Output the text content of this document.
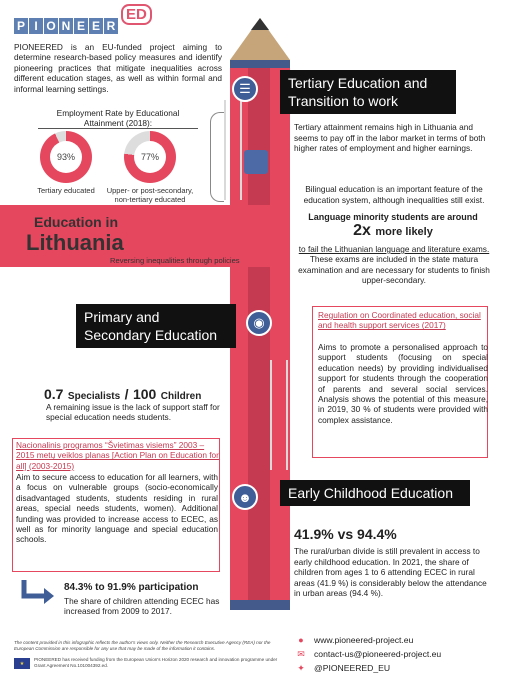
P I O N E E R
ED

PIONEERED is an EU-funded project aiming to determine research-based policy measures and identify pioneering practices that mitigate inequalities across different education stages, as well as within formal and informal learning settings.

Employment Rate by Educational Attainment (2018):
93%
Tertiary educated
77%
Upper- or post-secondary, non-tertiary educated
☰	Tertiary Education and Transition to work

Tertiary attainment remains high in Lithuania and seems to pay off in the labor market in terms of both higher rates of employment and higher earnings.

Bilingual education is an important feature of the education system, although inequalities still exist.

Language minority students are around
2x more likely

to fail the Lithuanian language and literature exams. These exams are included in the state matura examination and are necessary for students to finish upper-secondary.

Education in
Lithuania
Reversing inequalities through policies
Primary and Secondary Education
◉
0.7 Specialists / 100 Children

A remaining issue is the lack of support staff for special education needs students.

Regulation on Coordinated education, social and health support services (2017)

Aims to promote a personalised approach to support students (focusing on special education needs) by providing individualised support for students through the cooperation of parents and several social services. Analysis shows the potential of this measure, in 2019, 30 % of students were provided with complex assistance.

Nacionalinis programos “Švietimas visiems” 2003 – 2015 metų veiklos planas [Action Plan on Education for all] (2003-2015)

Aim to secure access to education for all learners, with a focus on vulnerable groups (socio-economically disadvantaged students, students residing in rural areas, special needs students, women). Additional funding was provided to increase access to ECEC, as well as for minority language and special education schools.

☻	Early Childhood Education
41.9% vs 94.4%

The rural/urban divide is still prevalent in access to early childhood education. In 2021, the share of children from ages 1 to 6 attending ECEC in rural areas (41.9 %) is considerably below the attendance in urban areas (94.4 %).

84.3% to 91.9% participation

The share of children attending ECEC has increased from 2009 to 2017.

The content provided in this infographic reflects the author's views only. Neither the Research Executive Agency (REA) nor the European Commission are responsible for any use that may be made of the information it contains.

★

PIONEERED has received funding from the European Union's Horizon 2020 research and innovation programme under Grant Agreement No.101004392.ed.

● www.pioneered-project.eu
✉ contact-us@pioneered-project.eu
✦ @PIONEERED_EU
